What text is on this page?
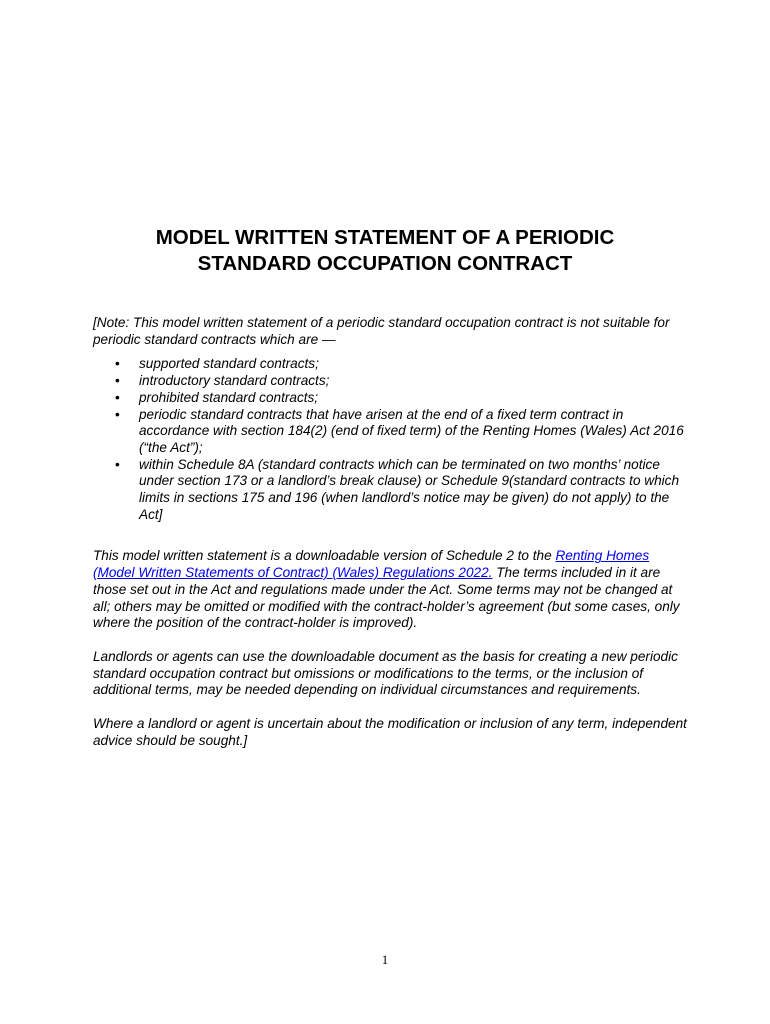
MODEL WRITTEN STATEMENT OF A PERIODIC
STANDARD OCCUPATION CONTRACT

[Note: This model written statement of a periodic standard occupation contract is not suitable for periodic standard contracts which are —

• supported standard contracts;
• introductory standard contracts;
• prohibited standard contracts;
• periodic standard contracts that have arisen at the end of a fixed term contract in accordance with section 184(2) (end of fixed term) of the Renting Homes (Wales) Act 2016 (“the Act”);
• within Schedule 8A (standard contracts which can be terminated on two months’ notice under section 173 or a landlord’s break clause) or Schedule 9(standard contracts to which limits in sections 175 and 196 (when landlord’s notice may be given) do not apply) to the Act]

This model written statement is a downloadable version of Schedule 2 to the Renting Homes (Model Written Statements of Contract) (Wales) Regulations 2022. The terms included in it are those set out in the Act and regulations made under the Act. Some terms may not be changed at all; others may be omitted or modified with the contract-holder’s agreement (but some cases, only where the position of the contract-holder is improved).

Landlords or agents can use the downloadable document as the basis for creating a new periodic standard occupation contract but omissions or modifications to the terms, or the inclusion of additional terms, may be needed depending on individual circumstances and requirements.

Where a landlord or agent is uncertain about the modification or inclusion of any term, independent advice should be sought.]

1
